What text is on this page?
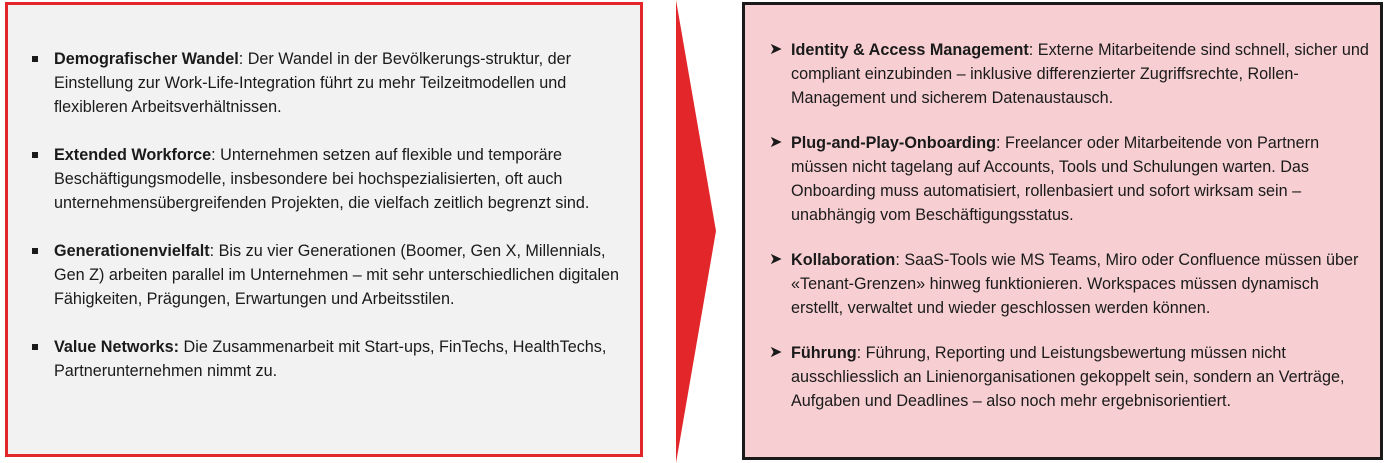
Demografischer Wandel: Der Wandel in der Bevölkerungs-struktur, der Einstellung zur Work-Life-Integration führt zu mehr Teilzeitmodellen und flexibleren Arbeitsverhältnissen.
Extended Workforce: Unternehmen setzen auf flexible und temporäre Beschäftigungsmodelle, insbesondere bei hochspezialisierten, oft auch unternehmensübergreifenden Projekten, die vielfach zeitlich begrenzt sind.
Generationenvielfalt: Bis zu vier Generationen (Boomer, Gen X, Millennials, Gen Z) arbeiten parallel im Unternehmen – mit sehr unterschiedlichen digitalen Fähigkeiten, Prägungen, Erwartungen und Arbeitsstilen.
Value Networks: Die Zusammenarbeit mit Start-ups, FinTechs, HealthTechs, Partnerunternehmen nimmt zu.
➤ Identity & Access Management: Externe Mitarbeitende sind schnell, sicher und compliant einzubinden – inklusive differenzierter Zugriffsrechte, Rollen-Management und sicherem Datenaustausch.
➤ Plug-and-Play-Onboarding: Freelancer oder Mitarbeitende von Partnern müssen nicht tagelang auf Accounts, Tools und Schulungen warten. Das Onboarding muss automatisiert, rollenbasiert und sofort wirksam sein – unabhängig vom Beschäftigungsstatus.
➤ Kollaboration: SaaS-Tools wie MS Teams, Miro oder Confluence müssen über «Tenant-Grenzen» hinweg funktionieren. Workspaces müssen dynamisch erstellt, verwaltet und wieder geschlossen werden können.
➤ Führung: Führung, Reporting und Leistungsbewertung müssen nicht ausschliesslich an Linienorganisationen gekoppelt sein, sondern an Verträge, Aufgaben und Deadlines – also noch mehr ergebnisorientiert.
